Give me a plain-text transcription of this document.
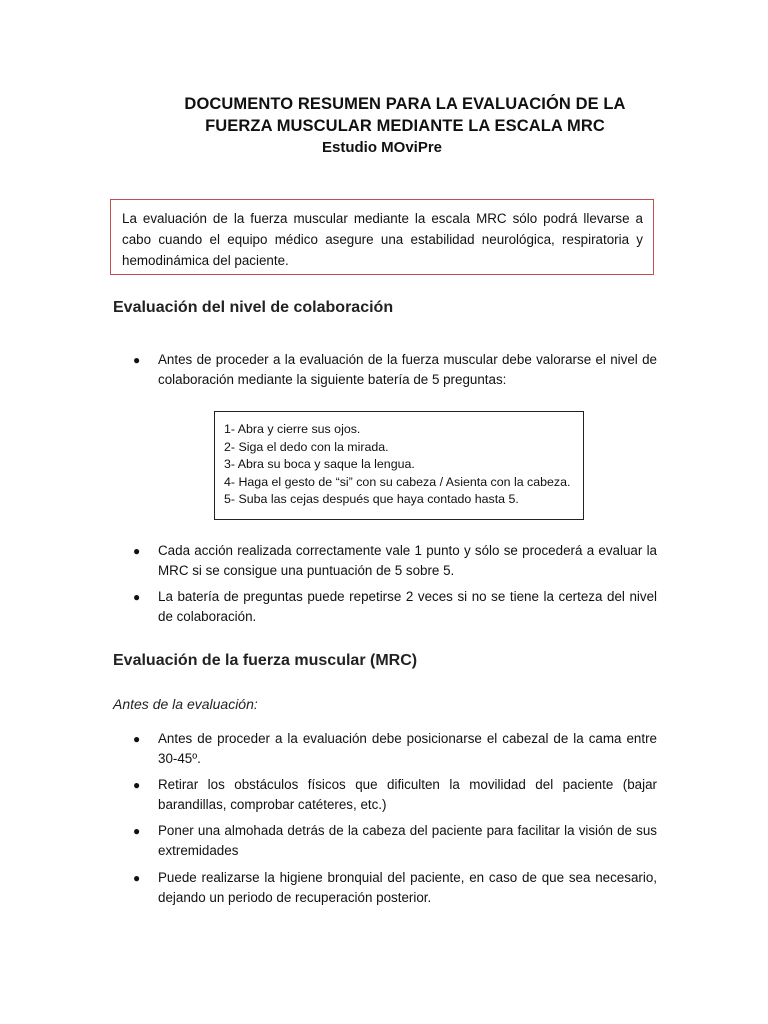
DOCUMENTO RESUMEN PARA LA EVALUACIÓN DE LA
FUERZA MUSCULAR MEDIANTE LA ESCALA MRC
Estudio MOviPre
La evaluación de la fuerza muscular mediante la escala MRC sólo podrá llevarse a cabo cuando el equipo médico asegure una estabilidad neurológica, respiratoria y hemodinámica del paciente.
Evaluación del nivel de colaboración
●	Antes de proceder a la evaluación de la fuerza muscular debe valorarse el nivel de colaboración mediante la siguiente batería de 5 preguntas:
1- Abra y cierre sus ojos.
2- Siga el dedo con la mirada.
3- Abra su boca y saque la lengua.
4- Haga el gesto de “si” con su cabeza / Asienta con la cabeza.
5- Suba las cejas después que haya contado hasta 5.
●	Cada acción realizada correctamente vale 1 punto y sólo se procederá a evaluar la MRC si se consigue una puntuación de 5 sobre 5.
●	La batería de preguntas puede repetirse 2 veces si no se tiene la certeza del nivel de colaboración.
Evaluación de la fuerza muscular (MRC)
Antes de la evaluación:
●	Antes de proceder a la evaluación debe posicionarse el cabezal de la cama entre 30-45º.
●	Retirar los obstáculos físicos que dificulten la movilidad del paciente (bajar barandillas, comprobar catéteres, etc.)
●	Poner una almohada detrás de la cabeza del paciente para facilitar la visión de sus extremidades
●	Puede realizarse la higiene bronquial del paciente, en caso de que sea necesario, dejando un periodo de recuperación posterior.
